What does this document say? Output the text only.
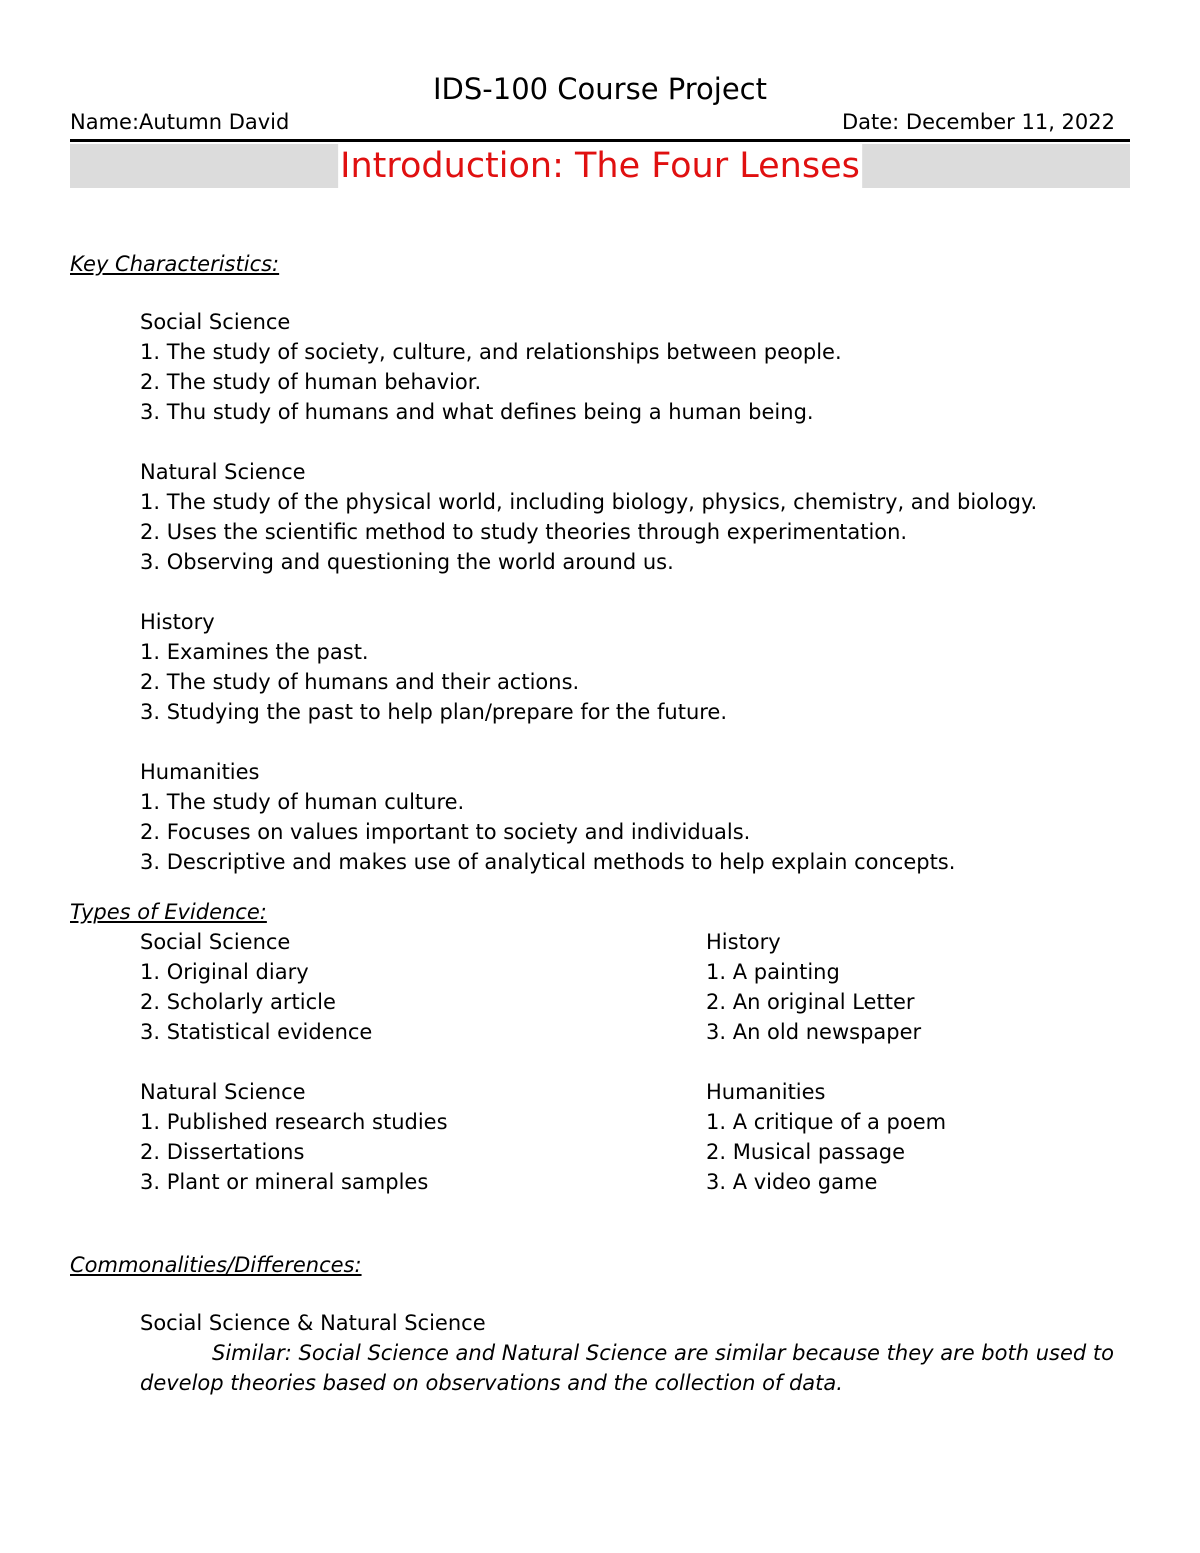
IDS-100 Course Project
Name:Autumn David	Date: December 11, 2022
Introduction: The Four Lenses
Key Characteristics:
Social Science
1. The study of society, culture, and relationships between people.
2. The study of human behavior.
3. Thu study of humans and what defines being a human being.
Natural Science
1. The study of the physical world, including biology, physics, chemistry, and biology.
2. Uses the scientific method to study theories through experimentation.
3. Observing and questioning the world around us.
History
1. Examines the past.
2. The study of humans and their actions.
3. Studying the past to help plan/prepare for the future.
Humanities
1. The study of human culture.
2. Focuses on values important to society and individuals.
3. Descriptive and makes use of analytical methods to help explain concepts.
Types of Evidence:
Social Science
1. Original diary
2. Scholarly article
3. Statistical evidence
Natural Science
1. Published research studies
2. Dissertations
3. Plant or mineral samples
History
1. A painting
2. An original Letter
3. An old newspaper
Humanities
1. A critique of a poem
2. Musical passage
3. A video game
Commonalities/Differences:
Social Science & Natural Science
Similar: Social Science and Natural Science are similar because they are both used to
develop theories based on observations and the collection of data.
